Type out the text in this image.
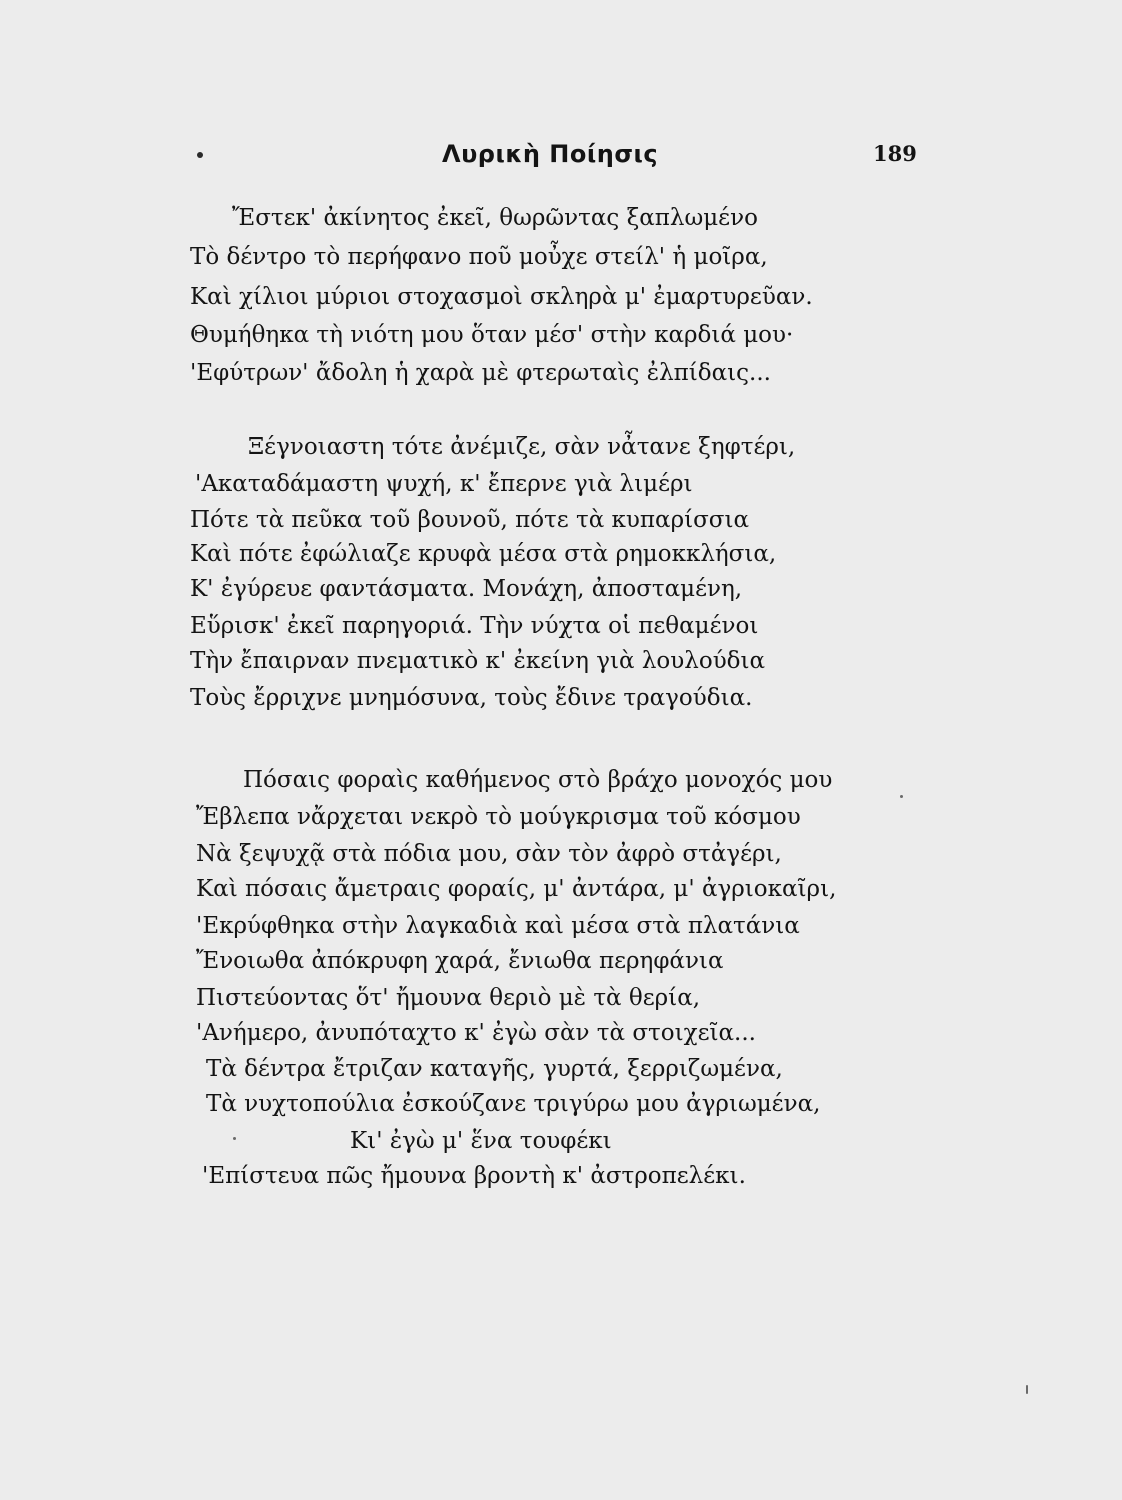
Λυρικὴ Ποίησις	189
Ἔστεκ' ἀκίνητος ἐκεῖ, θωρῶντας ξαπλωμένο
Τὸ δέντρο τὸ περήφανο ποῦ μοὖχε στείλ' ἡ μοῖρα,
Καὶ χίλιοι μύριοι στοχασμοὶ σκληρὰ μ' ἐμαρτυρεῦαν.
Θυμήθηκα τὴ νιότη μου ὅταν μέσ' στὴν καρδιά μου·
'Εφύτρων' ἄδολη ἡ χαρὰ μὲ φτερωταὶς ἐλπίδαις...
Ξέγνοιαστη τότε ἀνέμιζε, σὰν νἆτανε ξηφτέρι,
'Ακαταδάμαστη ψυχή, κ' ἔπερνε γιὰ λιμέρι
Πότε τὰ πεῦκα τοῦ βουνοῦ, πότε τὰ κυπαρίσσια
Καὶ πότε ἐφώλιαζε κρυφὰ μέσα στὰ ρημοκκλήσια,
Κ' ἐγύρευε φαντάσματα. Μονάχη, ἀποσταμένη,
Εὕρισκ' ἐκεῖ παρηγοριά. Τὴν νύχτα οἱ πεθαμένοι
Τὴν ἔπαιρναν πνεματικὸ κ' ἐκείνη γιὰ λουλούδια
Τοὺς ἔρριχνε μνημόσυνα, τοὺς ἔδινε τραγούδια.
Πόσαις φοραὶς καθήμενος στὸ βράχο μονοχός μου
Ἔβλεπα νἄρχεται νεκρὸ τὸ μούγκρισμα τοῦ κόσμου
Νὰ ξεψυχᾷ στὰ πόδια μου, σὰν τὸν ἀφρὸ στἀγέρι,
Καὶ πόσαις ἄμετραις φοραίς, μ' ἀντάρα, μ' ἀγριοκαῖρι,
'Εκρύφθηκα στὴν λαγκαδιὰ καὶ μέσα στὰ πλατάνια
Ἔνοιωθα ἀπόκρυφη χαρά, ἔνιωθα περηφάνια
Πιστεύοντας ὅτ' ἤμουνα θεριὸ μὲ τὰ θερία,
'Ανήμερο, ἀνυπόταχτο κ' ἐγὼ σὰν τὰ στοιχεῖα...
Τὰ δέντρα ἔτριζαν καταγῆς, γυρτά, ξερριζωμένα,
Τὰ νυχτοπούλια ἐσκούζανε τριγύρω μου ἀγριωμένα,
Κι' ἐγὼ μ' ἕνα τουφέκι
'Επίστευα πῶς ἤμουνα βροντὴ κ' ἀστροπελέκι.
